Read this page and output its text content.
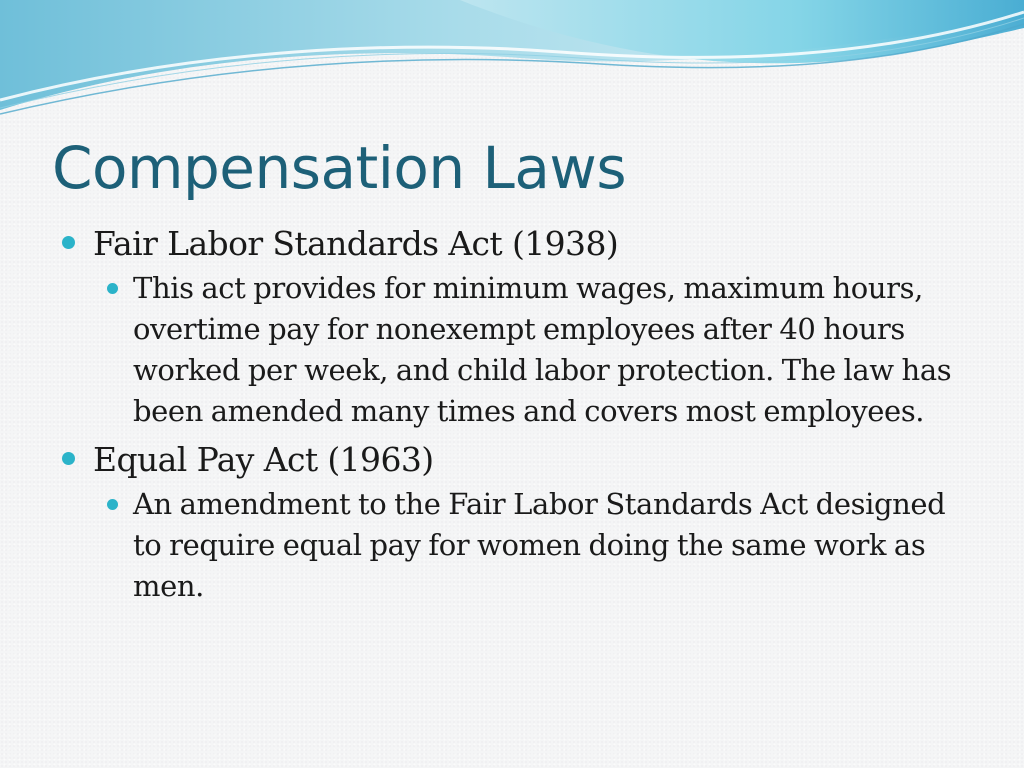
Compensation Laws
Fair Labor Standards Act (1938)
This act provides for minimum wages, maximum hours, overtime pay for nonexempt employees after 40 hours worked per week, and child labor protection. The law has been amended many times and covers most employees.
Equal Pay Act (1963)
An amendment to the Fair Labor Standards Act designed to require equal pay for women doing the same work as men.
